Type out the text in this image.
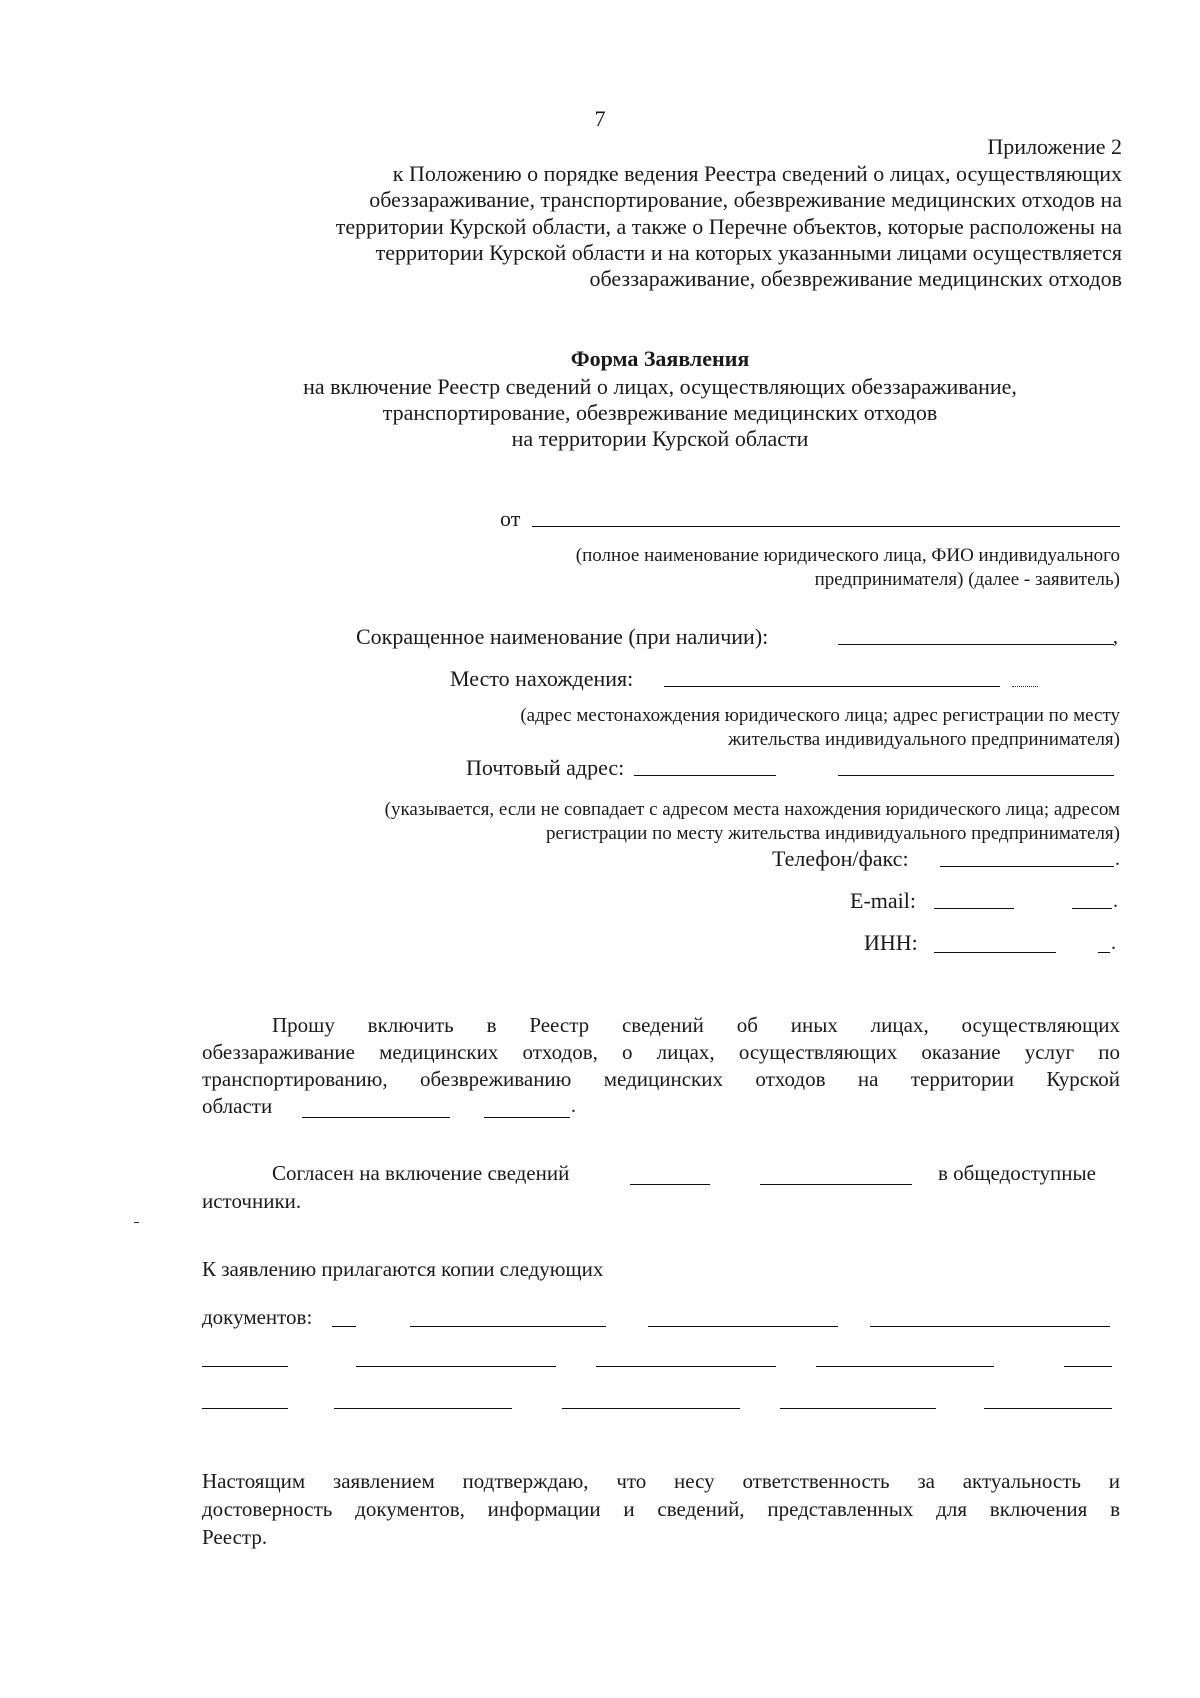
7
Приложение 2
к Положению о порядке ведения Реестра сведений о лицах, осуществляющих
обеззараживание, транспортирование, обезвреживание медицинских отходов на
территории Курской области, а также о Перечне объектов, которые расположены на
территории Курской области и на которых указанными лицами осуществляется
обеззараживание, обезвреживание медицинских отходов
Форма Заявления
на включение Реестр сведений о лицах, осуществляющих обеззараживание,
транспортирование, обезвреживание медицинских отходов
на территории Курской области
от
(полное наименование юридического лица, ФИО индивидуального
предпринимателя) (далее - заявитель)
Сокращенное наименование (при наличии):	,
Место нахождения:
(адрес местонахождения юридического лица; адрес регистрации по месту
жительства индивидуального предпринимателя)
Почтовый адрес:
(указывается, если не совпадает с адресом места нахождения юридического лица; адресом
регистрации по месту жительства индивидуального предпринимателя)
Телефон/факс:	.
E-mail:	.
ИНН:	.
Прошу включить в Реестр сведений об иных лицах, осуществляющих
обеззараживание медицинских отходов, о лицах, осуществляющих оказание услуг по
транспортированию, обезвреживанию медицинских отходов на территории Курской
области	.
Согласен на включение сведений	в общедоступные
источники.
К заявлению прилагаются копии следующих
документов:
Настоящим заявлением подтверждаю, что несу ответственность за актуальность и
достоверность документов, информации и сведений, представленных для включения в
Реестр.
